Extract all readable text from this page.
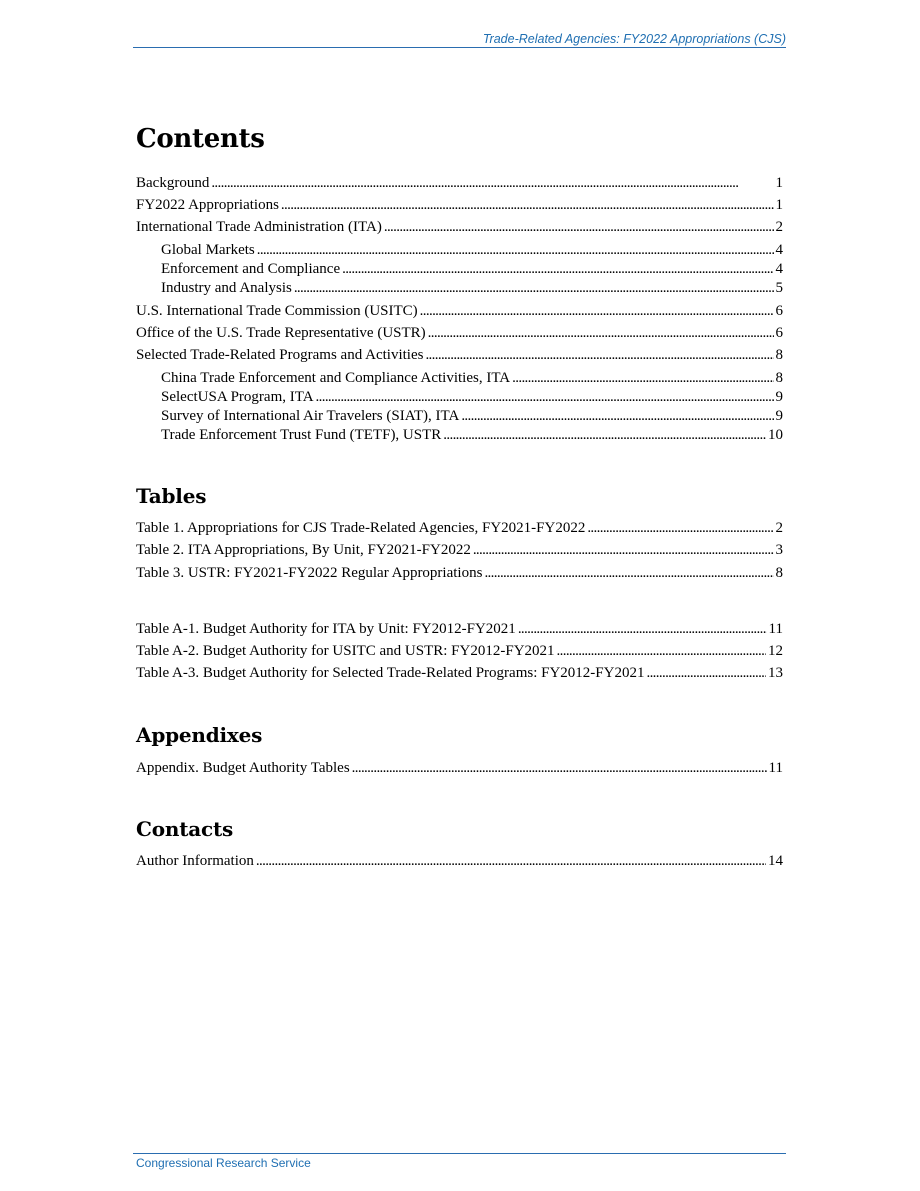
Trade-Related Agencies: FY2022 Appropriations (CJS)
Contents
Background . . .	1
FY2022 Appropriations . . .	1
International Trade Administration (ITA) . . .	2
Global Markets . . .	4
Enforcement and Compliance . . .	4
Industry and Analysis . . .	5
U.S. International Trade Commission (USITC) . . .	6
Office of the U.S. Trade Representative (USTR) . . .	6
Selected Trade-Related Programs and Activities . . .	8
China Trade Enforcement and Compliance Activities, ITA . . .	8
SelectUSA Program, ITA . . .	9
Survey of International Air Travelers (SIAT), ITA . . .	9
Trade Enforcement Trust Fund (TETF), USTR . . .	10
Tables
Table 1. Appropriations for CJS Trade-Related Agencies, FY2021-FY2022 . . .	2
Table 2. ITA Appropriations, By Unit, FY2021-FY2022 . . .	3
Table 3. USTR: FY2021-FY2022 Regular Appropriations . . .	8
Table A-1. Budget Authority for ITA by Unit: FY2012-FY2021 . . .	11
Table A-2. Budget Authority for USITC and USTR: FY2012-FY2021 . . .	12
Table A-3. Budget Authority for Selected Trade-Related Programs: FY2012-FY2021 . . .	13
Appendixes
Appendix. Budget Authority Tables . . .	11
Contacts
Author Information . . .	14
Congressional Research Service
